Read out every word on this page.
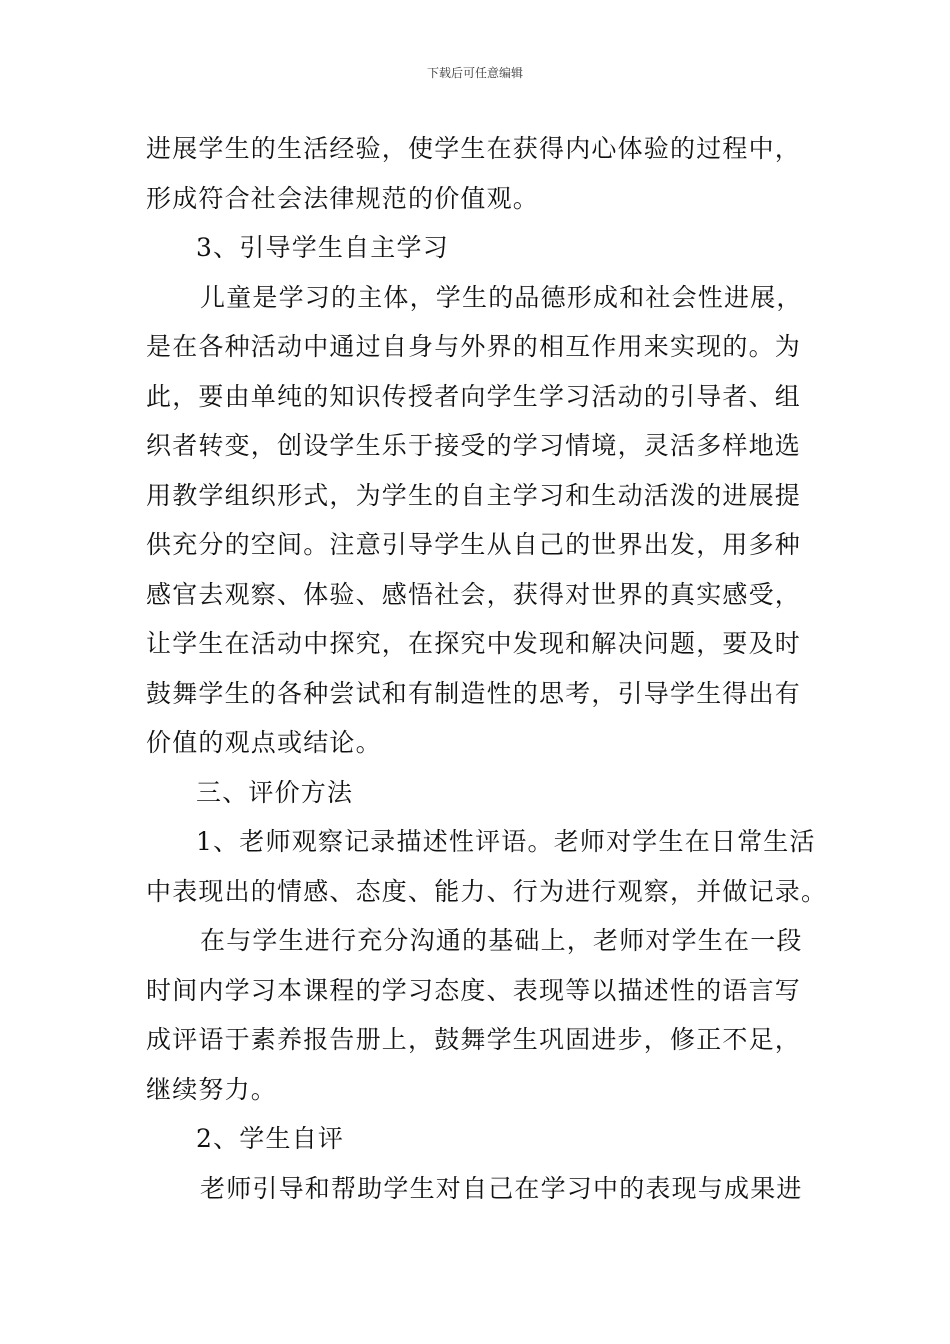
下载后可任意编辑
进展学生的生活经验，使学生在获得内心体验的过程中，
形成符合社会法律规范的价值观。
3、引导学生自主学习
儿童是学习的主体，学生的品德形成和社会性进展，
是在各种活动中通过自身与外界的相互作用来实现的。为
此，要由单纯的知识传授者向学生学习活动的引导者、组
织者转变，创设学生乐于接受的学习情境，灵活多样地选
用教学组织形式，为学生的自主学习和生动活泼的进展提
供充分的空间。注意引导学生从自己的世界出发，用多种
感官去观察、体验、感悟社会，获得对世界的真实感受，
让学生在活动中探究，在探究中发现和解决问题，要及时
鼓舞学生的各种尝试和有制造性的思考，引导学生得出有
价值的观点或结论。
三、评价方法
1、老师观察记录描述性评语。老师对学生在日常生活
中表现出的情感、态度、能力、行为进行观察，并做记录。
在与学生进行充分沟通的基础上，老师对学生在一段
时间内学习本课程的学习态度、表现等以描述性的语言写
成评语于素养报告册上，鼓舞学生巩固进步，修正不足，
继续努力。
2、学生自评
老师引导和帮助学生对自己在学习中的表现与成果进
